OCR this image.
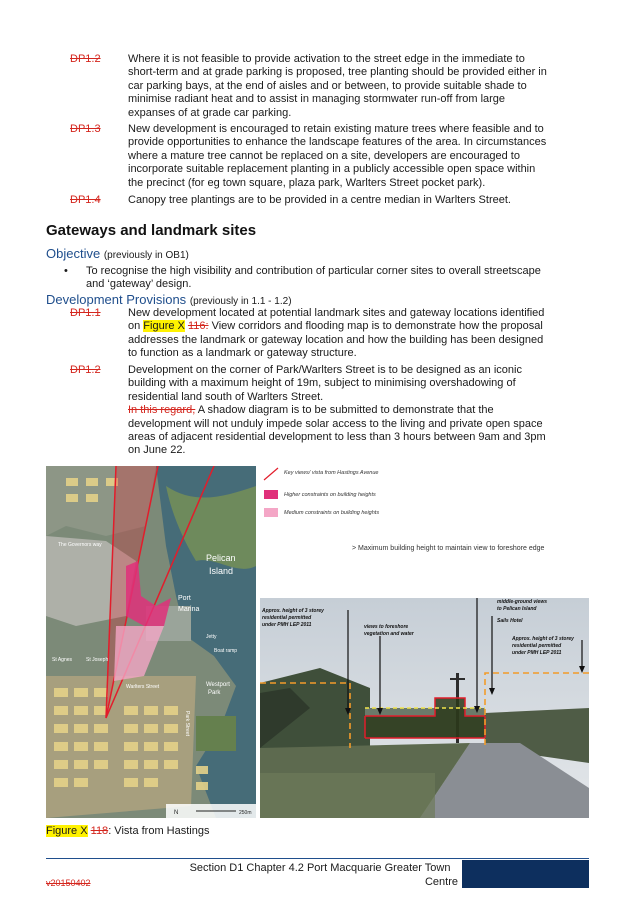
DP1.2	Where it is not feasible to provide activation to the street edge in the immediate to
short-term and at grade parking is proposed, tree planting should be provided either in
car parking bays, at the end of aisles and or between, to provide suitable shade to
minimise radiant heat and to assist in managing stormwater run-off from large
expanses of at grade car parking.
DP1.3	New development is encouraged to retain existing mature trees where feasible and to
provide opportunities to enhance the landscape features of the area. In circumstances
where a mature tree cannot be replaced on a site, developers are encouraged to
incorporate suitable replacement planting in a publicly accessible open space within
the precinct (for eg town square, plaza park, Warlters Street pocket park).
DP1.4	Canopy tree plantings are to be provided in a centre median in Warlters Street.
Gateways and landmark sites
Objective (previously in OB1)
• To recognise the high visibility and contribution of particular corner sites to overall streetscape
and ‘gateway’ design.
Development Provisions (previously in 1.1 - 1.2)
DP1.1	New development located at potential landmark sites and gateway locations identified
on Figure X 116: View corridors and flooding map is to demonstrate how the proposal
addresses the landmark or gateway location and how the building has been designed
to function as a landmark or gateway structure.
DP1.2	Development on the corner of Park/Warlters Street is to be designed as an iconic
building with a maximum height of 19m, subject to minimising overshadowing of
residential land south of Warlters Street.
In this regard, A shadow diagram is to be submitted to demonstrate that the
development will not unduly impede solar access to the living and private open space
areas of adjacent residential development to less than 3 hours between 9am and 3pm
on June 22.
Pelican
Island
The Governors way
Port
Marina
Jetty
Boat ramp
Westport
Park
Warlters Street
Park Street
St Agnes	St Joseph
N	250m
Key views/ vista from Hastings Avenue
Higher constraints on building heights
Medium constraints on building heights
> Maximum building height to maintain view to foreshore edge
Approx. height of 3 storey
residential permitted
under PMH LEP 2011	views to foreshore
vegetation and water
middle-ground views
to Pelican Island
Sails Hotel
Approx. height of 3 storey
residential permitted
under PMH LEP 2011
Figure X 118: Vista from Hastings
Section D1 Chapter 4.2 Port Macquarie Greater Town
Centre
v20150402
